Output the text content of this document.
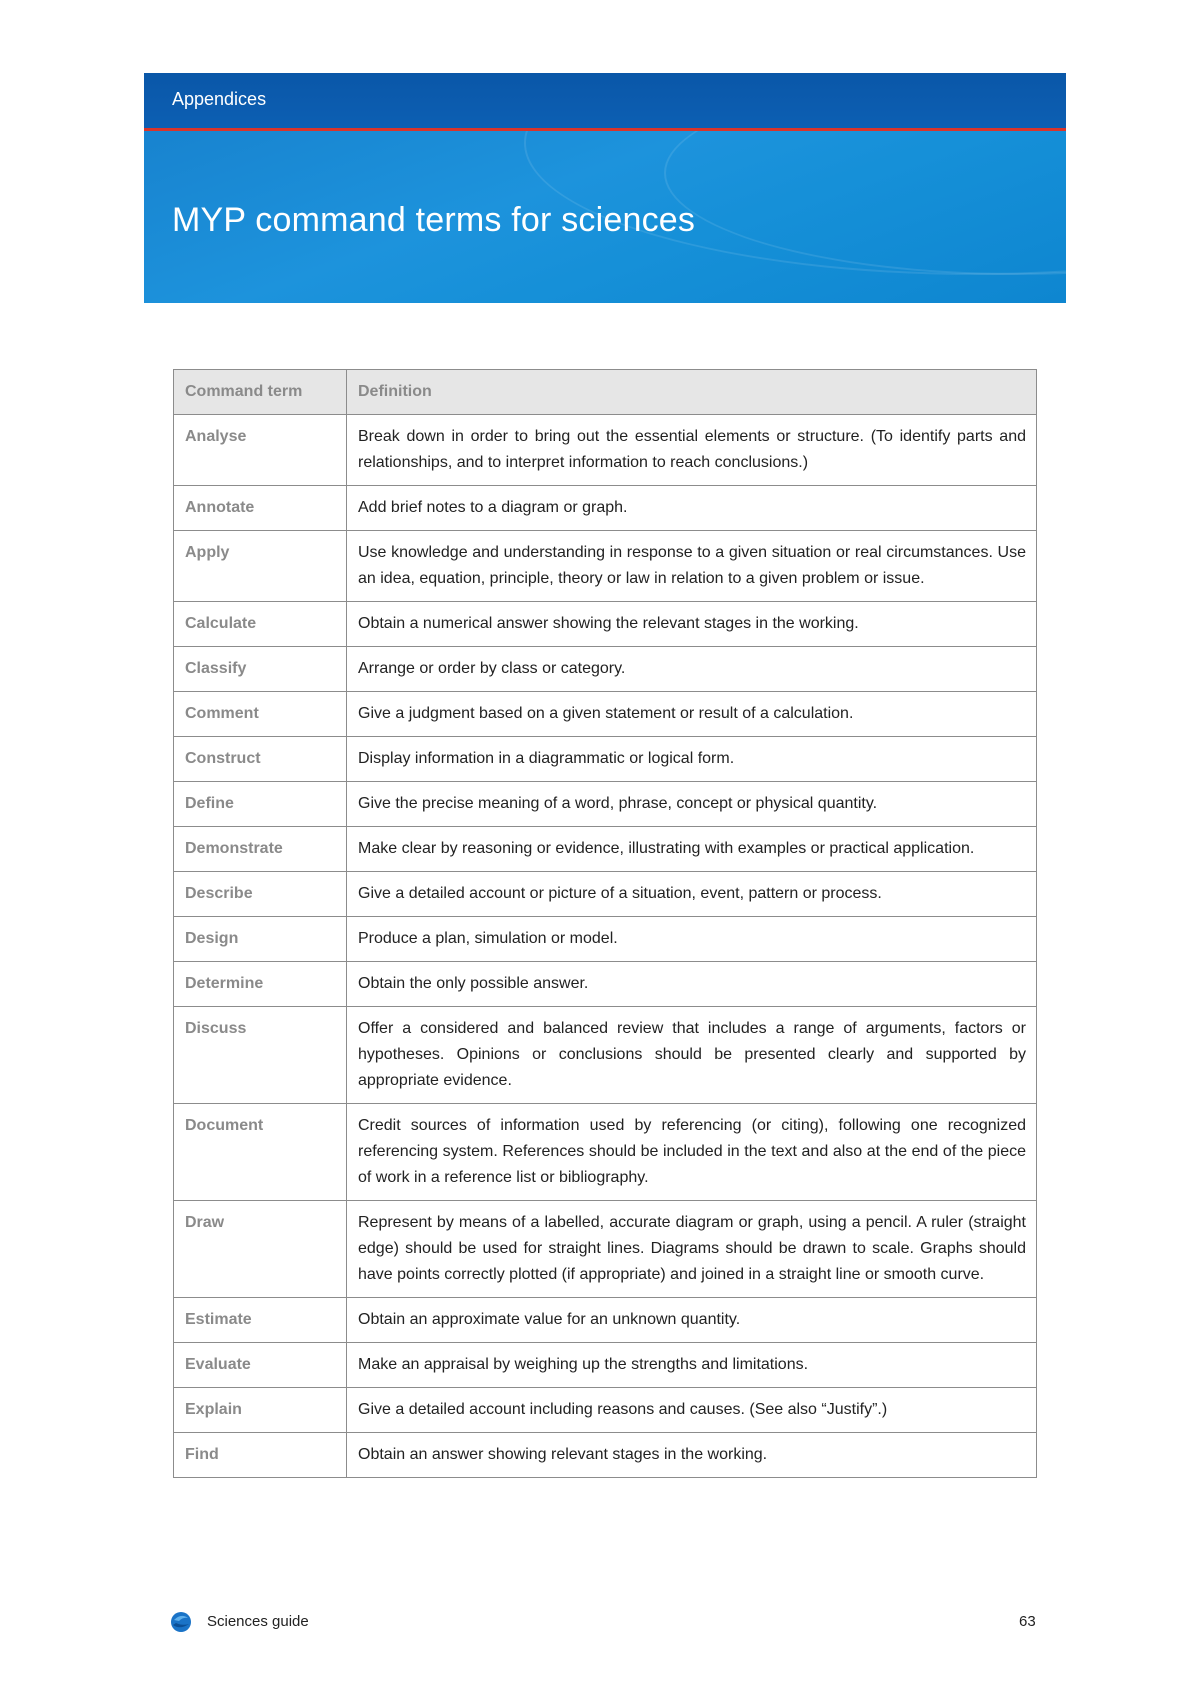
Appendices
MYP command terms for sciences
Command term	Definition
Analyse	Break down in order to bring out the essential elements or structure. (To identify parts and relationships, and to interpret information to reach conclusions.)
Annotate	Add brief notes to a diagram or graph.
Apply	Use knowledge and understanding in response to a given situation or real circumstances. Use an idea, equation, principle, theory or law in relation to a given problem or issue.
Calculate	Obtain a numerical answer showing the relevant stages in the working.
Classify	Arrange or order by class or category.
Comment	Give a judgment based on a given statement or result of a calculation.
Construct	Display information in a diagrammatic or logical form.
Define	Give the precise meaning of a word, phrase, concept or physical quantity.
Demonstrate	Make clear by reasoning or evidence, illustrating with examples or practical application.
Describe	Give a detailed account or picture of a situation, event, pattern or process.
Design	Produce a plan, simulation or model.
Determine	Obtain the only possible answer.
Discuss	Offer a considered and balanced review that includes a range of arguments, factors or hypotheses. Opinions or conclusions should be presented clearly and supported by appropriate evidence.
Document	Credit sources of information used by referencing (or citing), following one recognized referencing system. References should be included in the text and also at the end of the piece of work in a reference list or bibliography.
Draw	Represent by means of a labelled, accurate diagram or graph, using a pencil. A ruler (straight edge) should be used for straight lines. Diagrams should be drawn to scale. Graphs should have points correctly plotted (if appropriate) and joined in a straight line or smooth curve.
Estimate	Obtain an approximate value for an unknown quantity.
Evaluate	Make an appraisal by weighing up the strengths and limitations.
Explain	Give a detailed account including reasons and causes. (See also “Justify”.)
Find	Obtain an answer showing relevant stages in the working.
Sciences guide	63
